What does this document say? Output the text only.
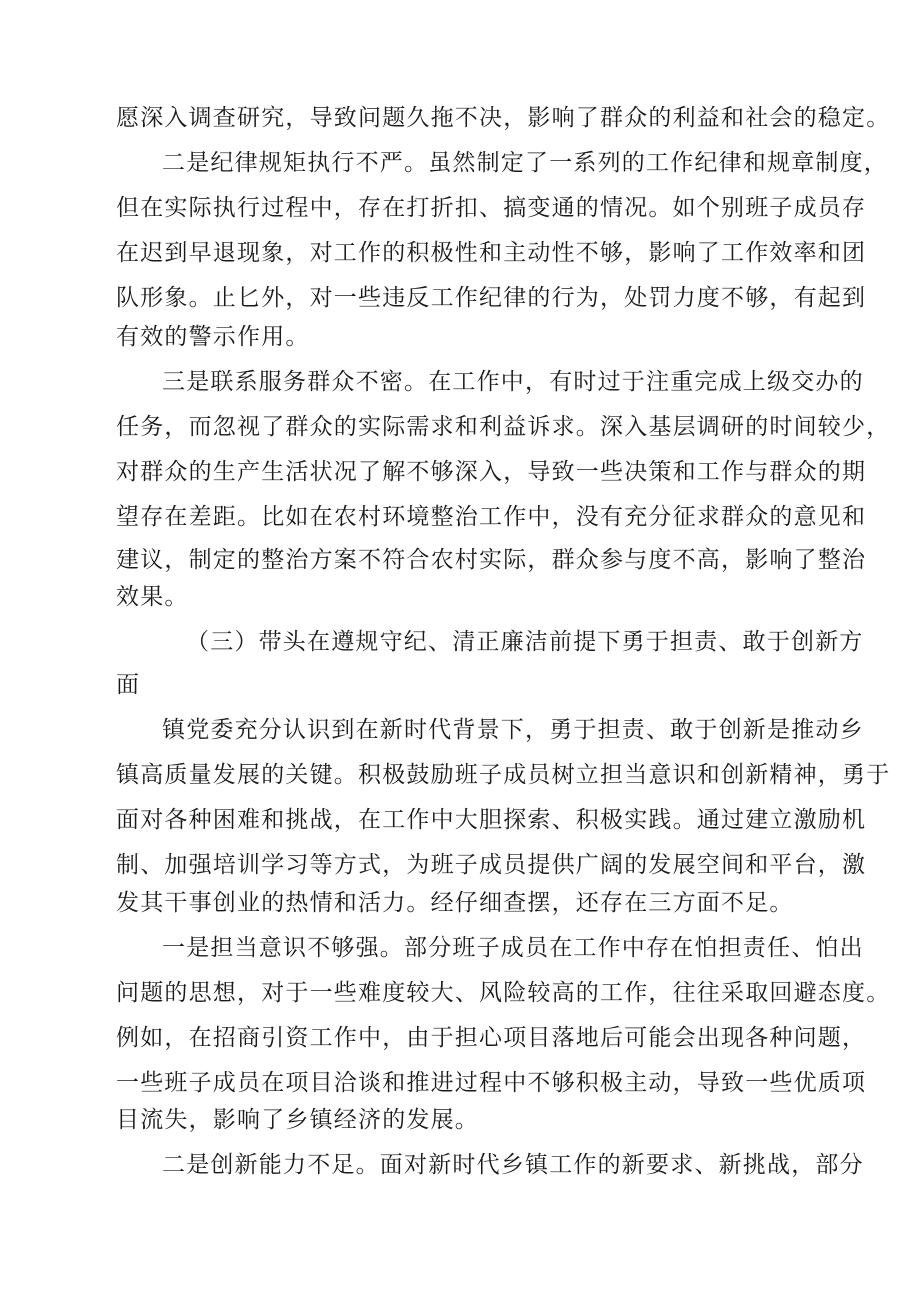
愿深入调查研究，导致问题久拖不决，影响了群众的利益和社会的稳定。
二是纪律规矩执行不严。虽然制定了一系列的工作纪律和规章制度，
但在实际执行过程中，存在打折扣、搞变通的情况。如个别班子成员存
在迟到早退现象，对工作的积极性和主动性不够，影响了工作效率和团
队形象。止匕外，对一些违反工作纪律的行为，处罚力度不够，有起到
有效的警示作用。
三是联系服务群众不密。在工作中，有时过于注重完成上级交办的
任务，而忽视了群众的实际需求和利益诉求。深入基层调研的时间较少，
对群众的生产生活状况了解不够深入，导致一些决策和工作与群众的期
望存在差距。比如在农村环境整治工作中，没有充分征求群众的意见和
建议，制定的整治方案不符合农村实际，群众参与度不高，影响了整治
效果。
（三）带头在遵规守纪、清正廉洁前提下勇于担责、敢于创新方
面
镇党委充分认识到在新时代背景下，勇于担责、敢于创新是推动乡
镇高质量发展的关键。积极鼓励班子成员树立担当意识和创新精神，勇于
面对各种困难和挑战，在工作中大胆探索、积极实践。通过建立激励机
制、加强培训学习等方式，为班子成员提供广阔的发展空间和平台，激
发其干事创业的热情和活力。经仔细查摆，还存在三方面不足。
一是担当意识不够强。部分班子成员在工作中存在怕担责任、怕出
问题的思想，对于一些难度较大、风险较高的工作，往往采取回避态度。
例如，在招商引资工作中，由于担心项目落地后可能会出现各种问题，
一些班子成员在项目洽谈和推进过程中不够积极主动，导致一些优质项
目流失，影响了乡镇经济的发展。
二是创新能力不足。面对新时代乡镇工作的新要求、新挑战，部分
